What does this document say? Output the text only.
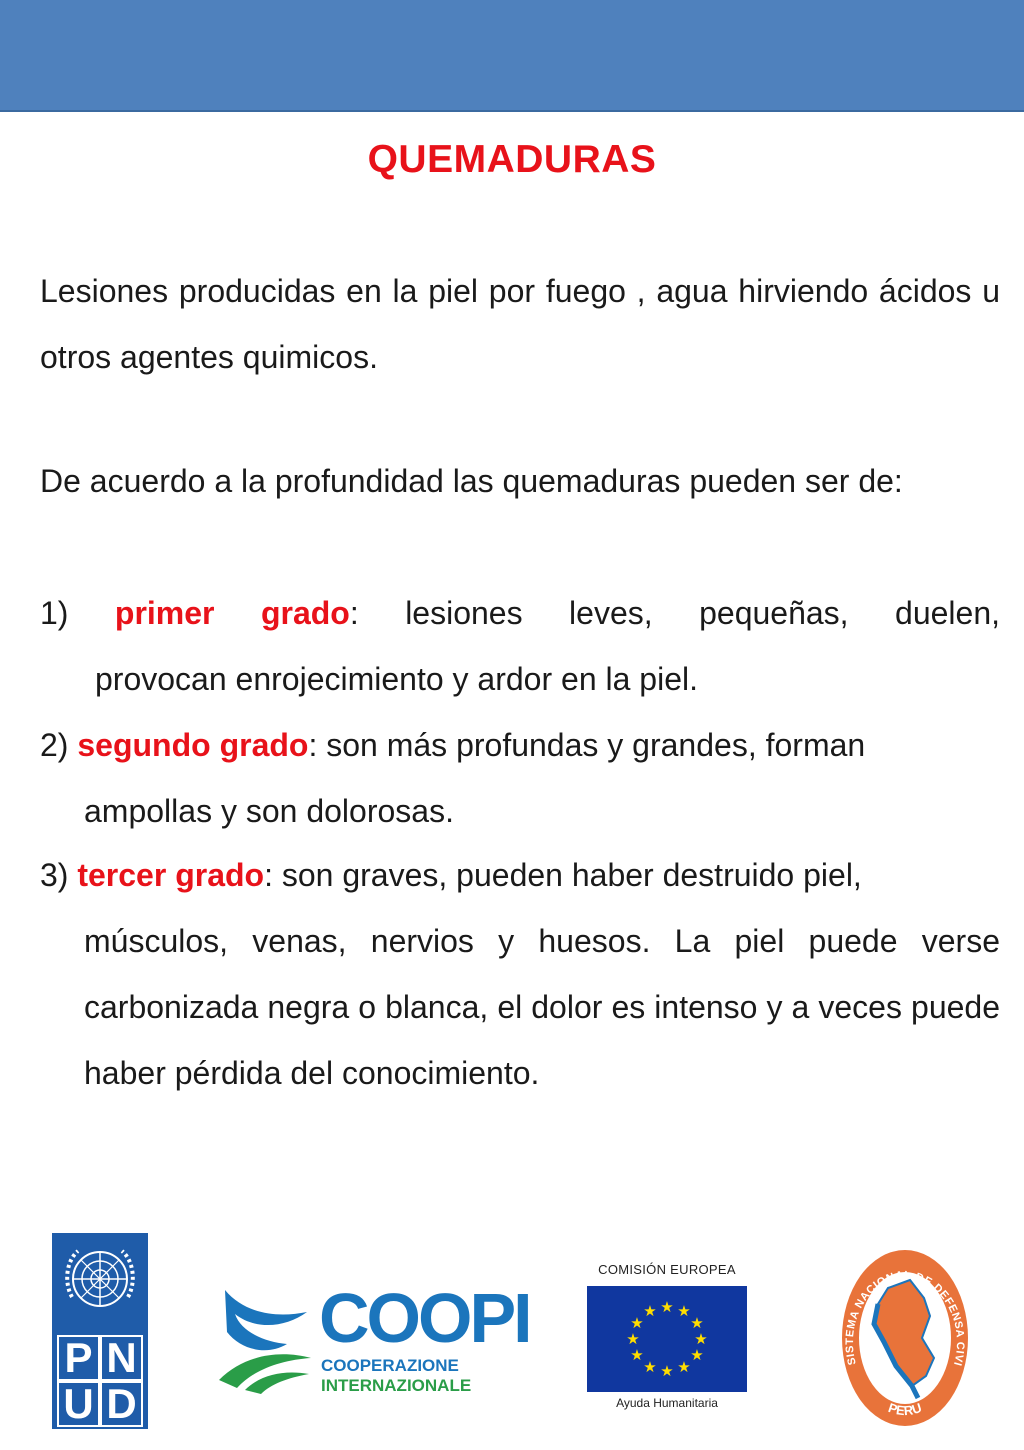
QUEMADURAS
Lesiones producidas en la piel por fuego , agua hirviendo ácidos u otros agentes quimicos.
De acuerdo a la profundidad las quemaduras pueden ser de:
1) primer grado: lesiones leves, pequeñas, duelen,
provocan enrojecimiento y ardor en la piel.
2) segundo grado: son más profundas y grandes, forman
ampollas y son dolorosas.
3) tercer grado: son graves, pueden haber destruido piel,
músculos, venas, nervios y huesos. La piel puede verse carbonizada negra o blanca, el dolor es intenso y a veces puede haber pérdida del conocimiento.
P N
U D
COOPI
COOPERAZIONE
INTERNAZIONALE
COMISIÓN EUROPEA
★ ★
★
★
★
★
★
★
★
★
★
★
Ayuda Humanitaria
SISTEMA NACIONAL DE DEFENSA CIVI
PERU
